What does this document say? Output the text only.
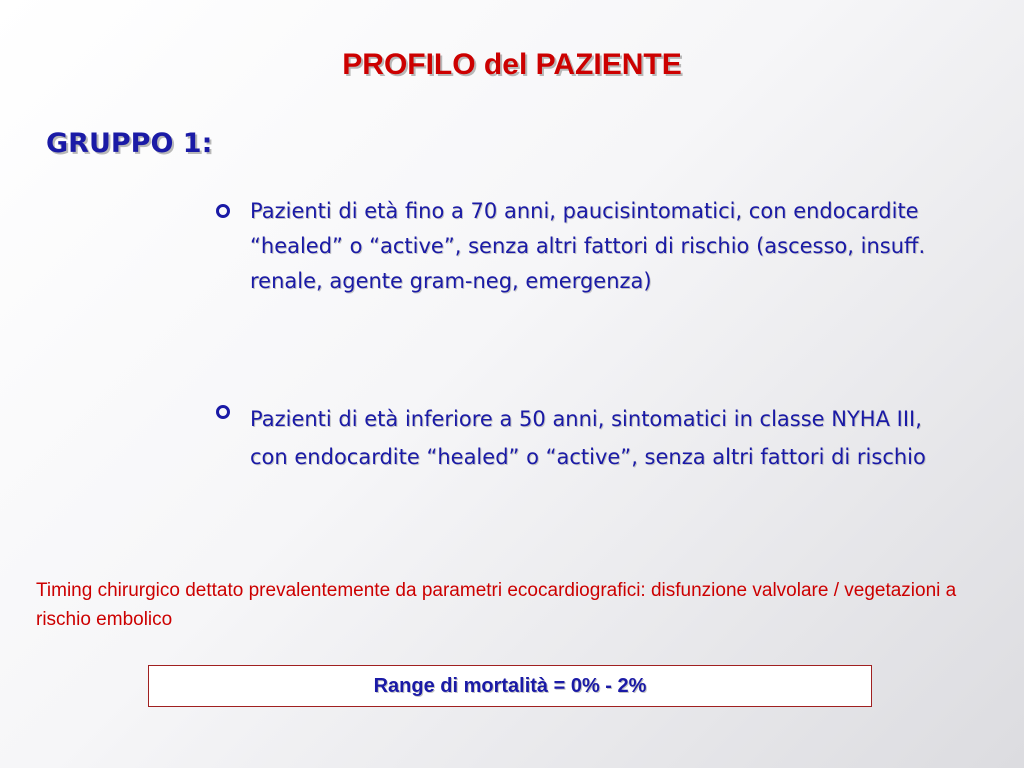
PROFILO del PAZIENTE
GRUPPO 1:
Pazienti di età fino a 70 anni, paucisintomatici, con endocardite “healed” o “active”, senza altri fattori di rischio (ascesso, insuff. renale, agente gram-neg, emergenza)
Pazienti di età inferiore a 50 anni, sintomatici in classe NYHA III, con endocardite “healed” o “active”, senza altri fattori di rischio
Timing chirurgico dettato prevalentemente da parametri ecocardiografici: disfunzione valvolare / vegetazioni a rischio embolico
Range di mortalità = 0% - 2%
